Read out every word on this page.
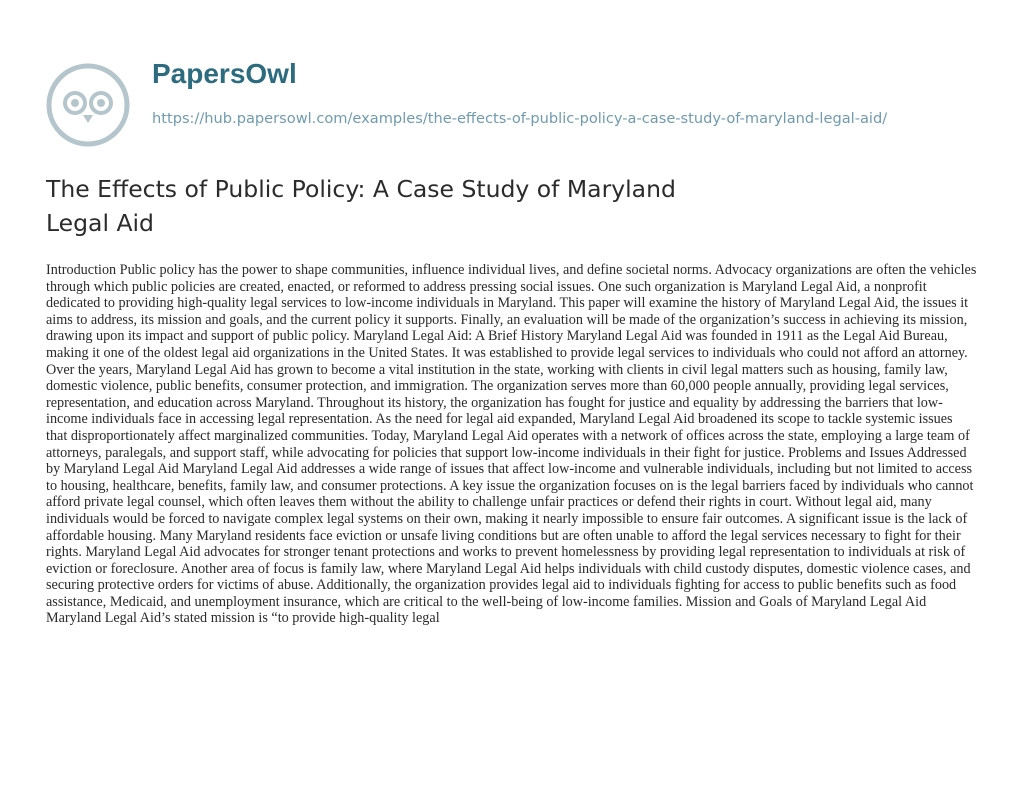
PapersOwl
https://hub.papersowl.com/examples/the-effects-of-public-policy-a-case-study-of-maryland-legal-aid/
The Effects of Public Policy: A Case Study of Maryland Legal Aid

Introduction Public policy has the power to shape communities, influence individual lives, and define societal norms. Advocacy organizations are often the vehicles through which public policies are created, enacted, or reformed to address pressing social issues. One such organization is Maryland Legal Aid, a nonprofit dedicated to providing high-quality legal services to low-income individuals in Maryland. This paper will examine the history of Maryland Legal Aid, the issues it aims to address, its mission and goals, and the current policy it supports. Finally, an evaluation will be made of the organization’s success in achieving its mission, drawing upon its impact and support of public policy. Maryland Legal Aid: A Brief History Maryland Legal Aid was founded in 1911 as the Legal Aid Bureau, making it one of the oldest legal aid organizations in the United States. It was established to provide legal services to individuals who could not afford an attorney. Over the years, Maryland Legal Aid has grown to become a vital institution in the state, working with clients in civil legal matters such as housing, family law, domestic violence, public benefits, consumer protection, and immigration. The organization serves more than 60,000 people annually, providing legal services, representation, and education across Maryland. Throughout its history, the organization has fought for justice and equality by addressing the barriers that low-income individuals face in accessing legal representation. As the need for legal aid expanded, Maryland Legal Aid broadened its scope to tackle systemic issues that disproportionately affect marginalized communities. Today, Maryland Legal Aid operates with a network of offices across the state, employing a large team of attorneys, paralegals, and support staff, while advocating for policies that support low-income individuals in their fight for justice. Problems and Issues Addressed by Maryland Legal Aid Maryland Legal Aid addresses a wide range of issues that affect low-income and vulnerable individuals, including but not limited to access to housing, healthcare, benefits, family law, and consumer protections. A key issue the organization focuses on is the legal barriers faced by individuals who cannot afford private legal counsel, which often leaves them without the ability to challenge unfair practices or defend their rights in court. Without legal aid, many individuals would be forced to navigate complex legal systems on their own, making it nearly impossible to ensure fair outcomes. A significant issue is the lack of affordable housing. Many Maryland residents face eviction or unsafe living conditions but are often unable to afford the legal services necessary to fight for their rights. Maryland Legal Aid advocates for stronger tenant protections and works to prevent homelessness by providing legal representation to individuals at risk of eviction or foreclosure. Another area of focus is family law, where Maryland Legal Aid helps individuals with child custody disputes, domestic violence cases, and securing protective orders for victims of abuse. Additionally, the organization provides legal aid to individuals fighting for access to public benefits such as food assistance, Medicaid, and unemployment insurance, which are critical to the well-being of low-income families. Mission and Goals of Maryland Legal Aid Maryland Legal Aid’s stated mission is “to provide high-quality legal
